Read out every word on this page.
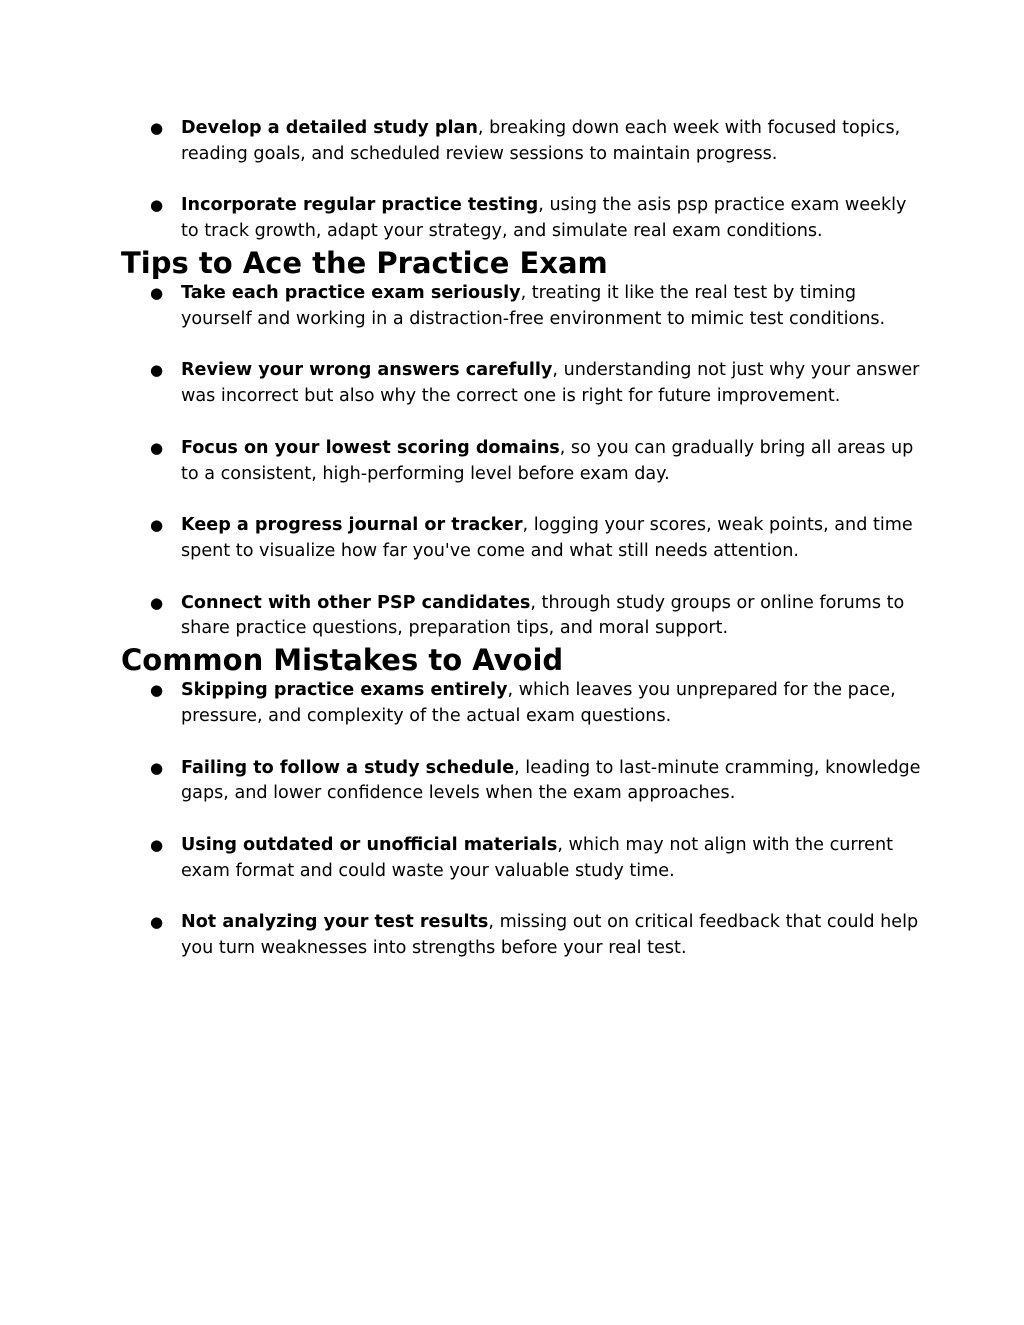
● Develop a detailed study plan, breaking down each week with focused topics, reading goals, and scheduled review sessions to maintain progress.
● Incorporate regular practice testing, using the asis psp practice exam weekly to track growth, adapt your strategy, and simulate real exam conditions.
Tips to Ace the Practice Exam
● Take each practice exam seriously, treating it like the real test by timing yourself and working in a distraction-free environment to mimic test conditions.
● Review your wrong answers carefully, understanding not just why your answer was incorrect but also why the correct one is right for future improvement.
● Focus on your lowest scoring domains, so you can gradually bring all areas up to a consistent, high-performing level before exam day.
● Keep a progress journal or tracker, logging your scores, weak points, and time spent to visualize how far you've come and what still needs attention.
● Connect with other PSP candidates, through study groups or online forums to share practice questions, preparation tips, and moral support.
Common Mistakes to Avoid
● Skipping practice exams entirely, which leaves you unprepared for the pace, pressure, and complexity of the actual exam questions.
● Failing to follow a study schedule, leading to last-minute cramming, knowledge gaps, and lower confidence levels when the exam approaches.
● Using outdated or unofficial materials, which may not align with the current exam format and could waste your valuable study time.
● Not analyzing your test results, missing out on critical feedback that could help you turn weaknesses into strengths before your real test.
